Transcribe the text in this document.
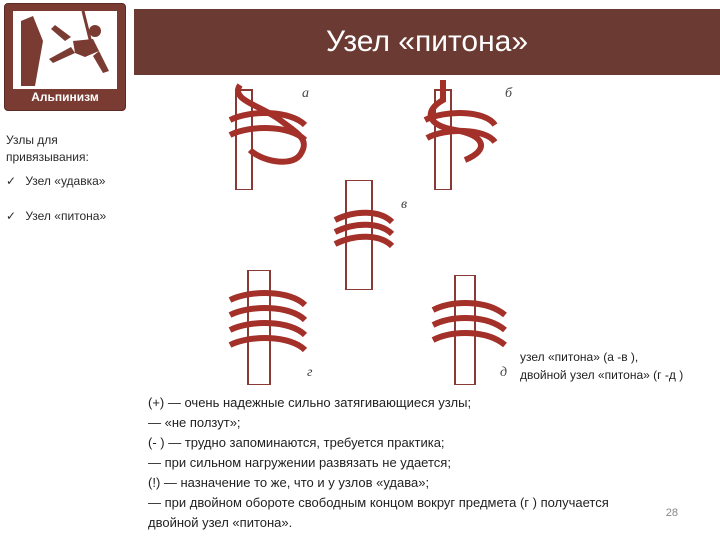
Альпинизм
Узел «питона»
Узлы для привязывания:
✓ Узел «удавка»
✓ Узел «питона»
а	б
в
г	д
узел «питона» (а -в ),
двойной узел «питона» (г -д )
(+) — очень надежные сильно затягивающиеся узлы;
— «не ползут»;
(- ) — трудно запоминаются, требуется практика;
— при сильном нагружении развязать не удается;
(!) — назначение то же, что и у узлов «удава»;
— при двойном обороте свободным концом вокруг предмета (г ) получается
двойной узел «питона».
28
